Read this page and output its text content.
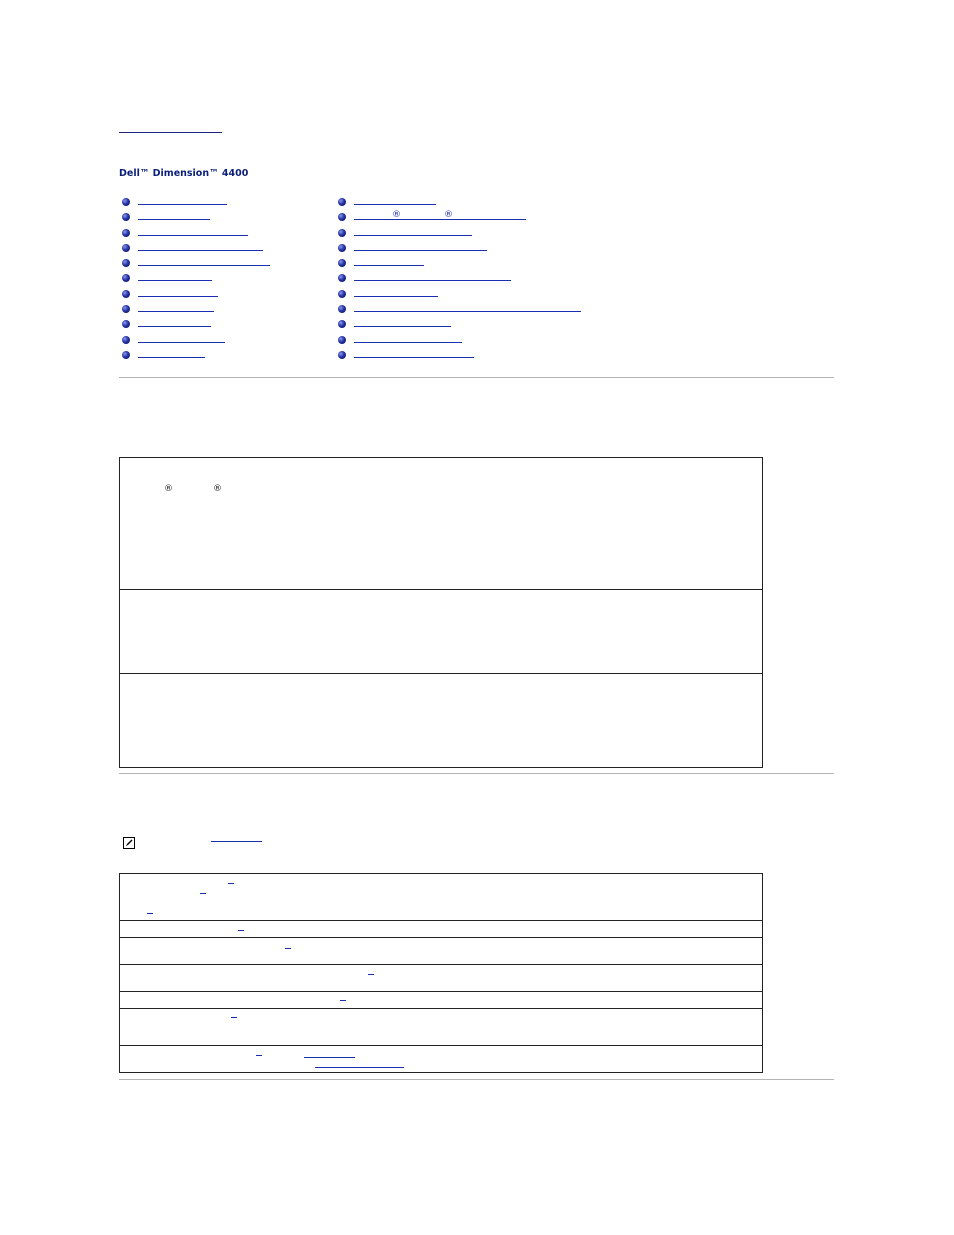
Dell™ Dimension™ 4400
®	®
®	®
